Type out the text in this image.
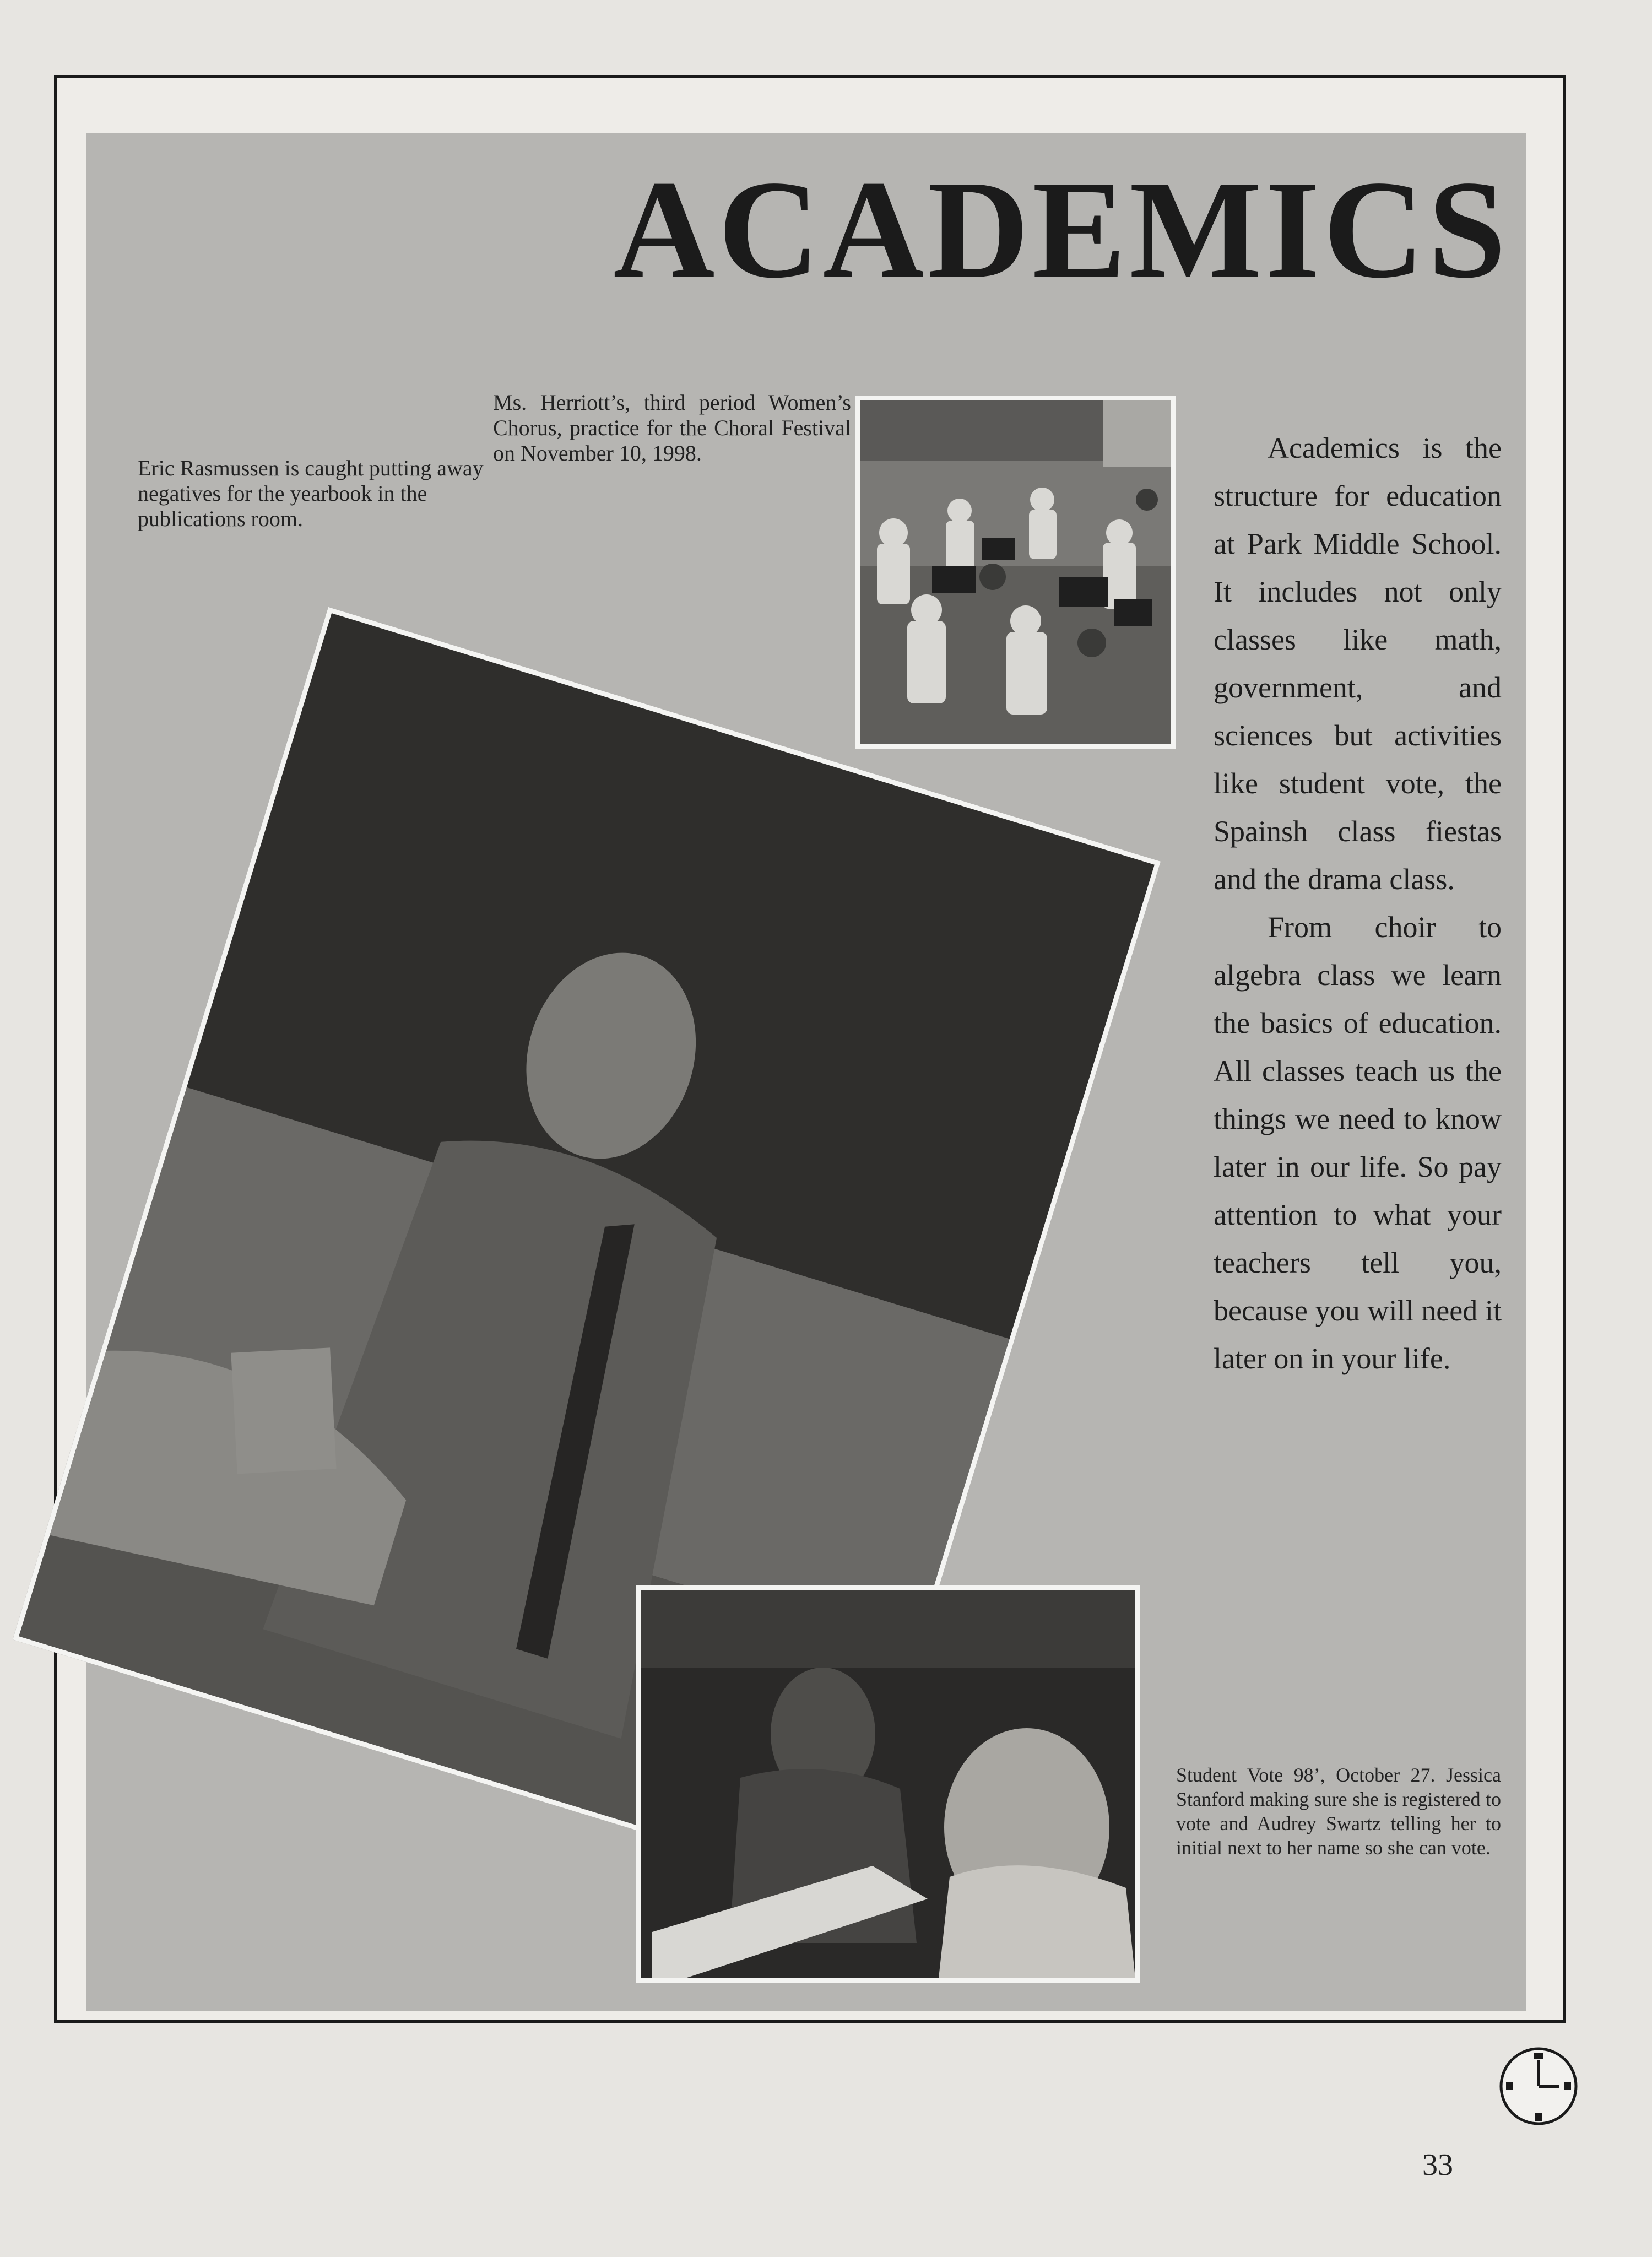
ACADEMICS
Ms. Herriott’s, third period Women’s Chorus, practice for the Choral Festival on November 10, 1998.
Eric Rasmussen is caught putting away negatives for the yearbook in the publications room.

Academics is the structure for education at Park Middle School. It includes not only classes like math, government, and sciences but activities like student vote, the Spainsh class fiestas and the drama class.

From choir to algebra class we learn the basics of education. All classes teach us the things we need to know later in our life. So pay attention to what your teachers tell you, because you will need it later on in your life.

Student Vote 98’, October 27. Jessica Stanford making sure she is registered to vote and Audrey Swartz telling her to initial next to her name so she can vote.
33
